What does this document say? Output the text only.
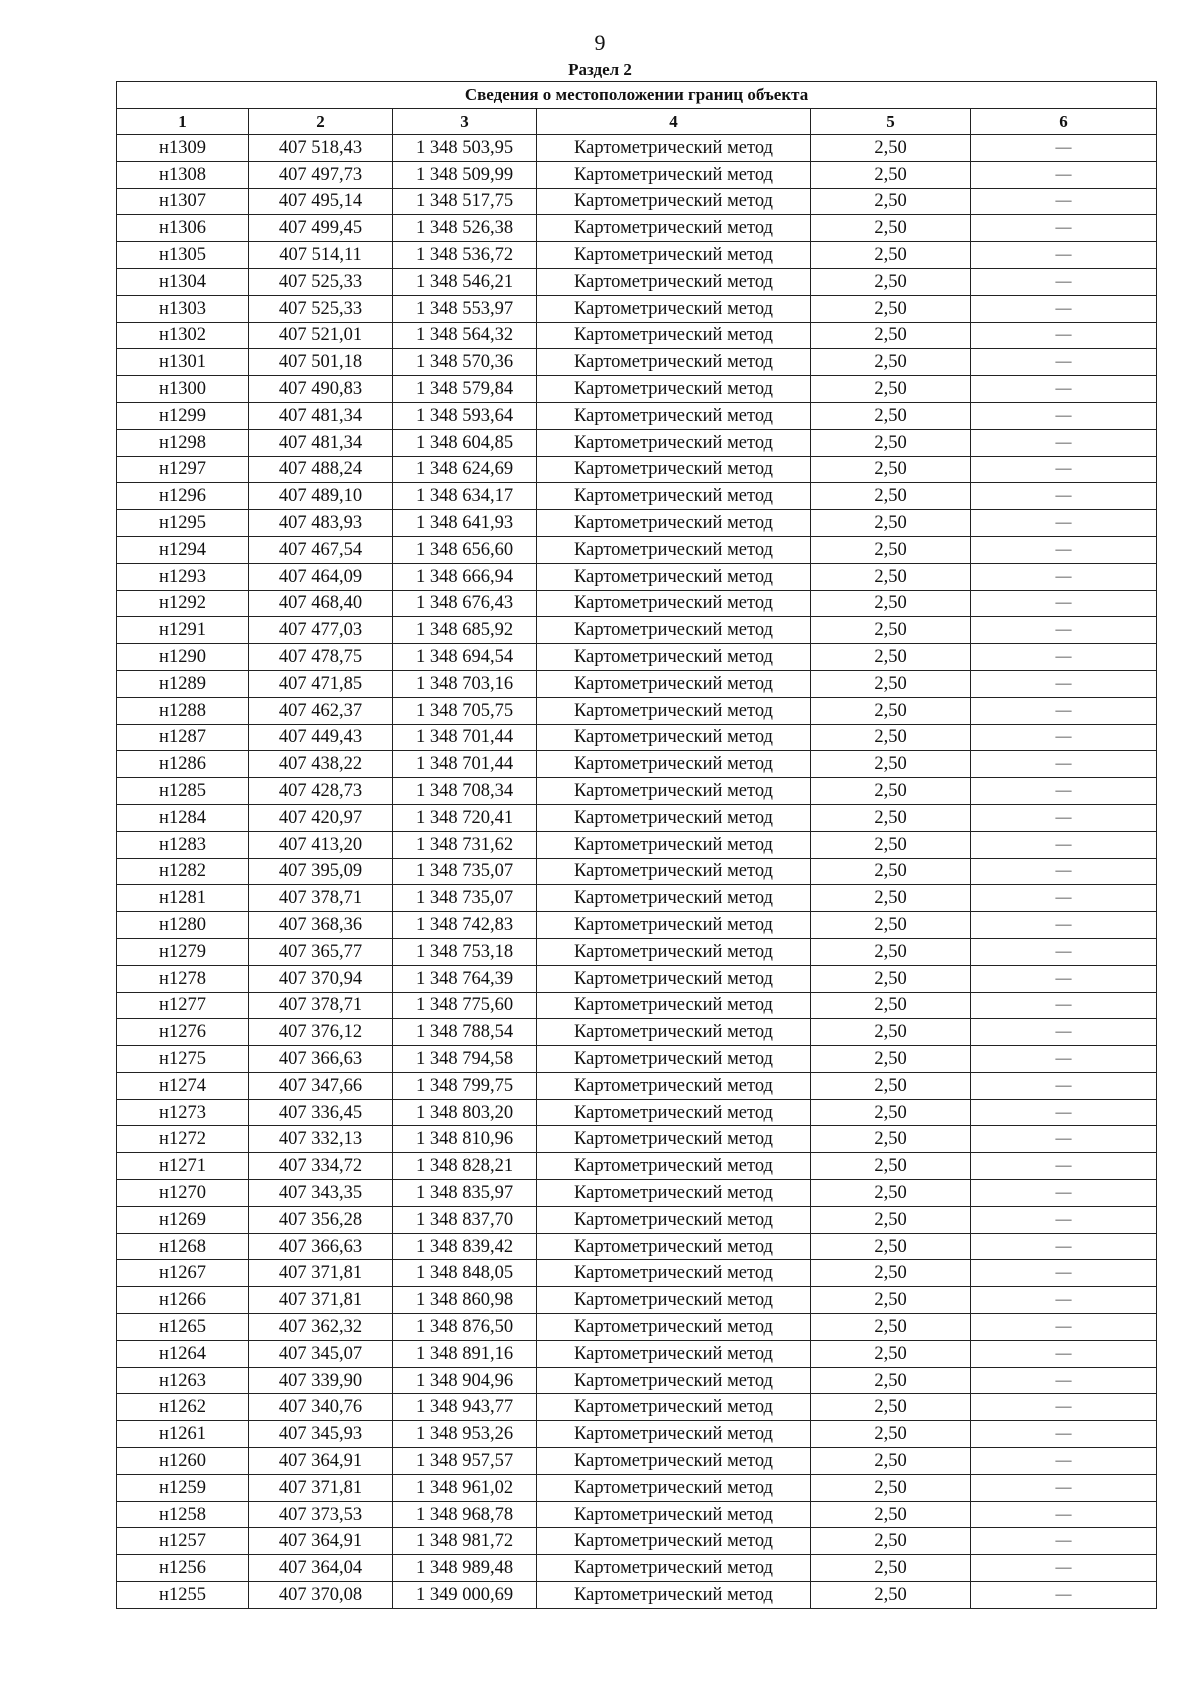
9
Раздел 2
Сведения о местоположении границ объекта					
1	2	3	4	5	6
н1309	407 518,43	1 348 503,95	Картометрический метод	2,50	—
н1308	407 497,73	1 348 509,99	Картометрический метод	2,50	—
н1307	407 495,14	1 348 517,75	Картометрический метод	2,50	—
н1306	407 499,45	1 348 526,38	Картометрический метод	2,50	—
н1305	407 514,11	1 348 536,72	Картометрический метод	2,50	—
н1304	407 525,33	1 348 546,21	Картометрический метод	2,50	—
н1303	407 525,33	1 348 553,97	Картометрический метод	2,50	—
н1302	407 521,01	1 348 564,32	Картометрический метод	2,50	—
н1301	407 501,18	1 348 570,36	Картометрический метод	2,50	—
н1300	407 490,83	1 348 579,84	Картометрический метод	2,50	—
н1299	407 481,34	1 348 593,64	Картометрический метод	2,50	—
н1298	407 481,34	1 348 604,85	Картометрический метод	2,50	—
н1297	407 488,24	1 348 624,69	Картометрический метод	2,50	—
н1296	407 489,10	1 348 634,17	Картометрический метод	2,50	—
н1295	407 483,93	1 348 641,93	Картометрический метод	2,50	—
н1294	407 467,54	1 348 656,60	Картометрический метод	2,50	—
н1293	407 464,09	1 348 666,94	Картометрический метод	2,50	—
н1292	407 468,40	1 348 676,43	Картометрический метод	2,50	—
н1291	407 477,03	1 348 685,92	Картометрический метод	2,50	—
н1290	407 478,75	1 348 694,54	Картометрический метод	2,50	—
н1289	407 471,85	1 348 703,16	Картометрический метод	2,50	—
н1288	407 462,37	1 348 705,75	Картометрический метод	2,50	—
н1287	407 449,43	1 348 701,44	Картометрический метод	2,50	—
н1286	407 438,22	1 348 701,44	Картометрический метод	2,50	—
н1285	407 428,73	1 348 708,34	Картометрический метод	2,50	—
н1284	407 420,97	1 348 720,41	Картометрический метод	2,50	—
н1283	407 413,20	1 348 731,62	Картометрический метод	2,50	—
н1282	407 395,09	1 348 735,07	Картометрический метод	2,50	—
н1281	407 378,71	1 348 735,07	Картометрический метод	2,50	—
н1280	407 368,36	1 348 742,83	Картометрический метод	2,50	—
н1279	407 365,77	1 348 753,18	Картометрический метод	2,50	—
н1278	407 370,94	1 348 764,39	Картометрический метод	2,50	—
н1277	407 378,71	1 348 775,60	Картометрический метод	2,50	—
н1276	407 376,12	1 348 788,54	Картометрический метод	2,50	—
н1275	407 366,63	1 348 794,58	Картометрический метод	2,50	—
н1274	407 347,66	1 348 799,75	Картометрический метод	2,50	—
н1273	407 336,45	1 348 803,20	Картометрический метод	2,50	—
н1272	407 332,13	1 348 810,96	Картометрический метод	2,50	—
н1271	407 334,72	1 348 828,21	Картометрический метод	2,50	—
н1270	407 343,35	1 348 835,97	Картометрический метод	2,50	—
н1269	407 356,28	1 348 837,70	Картометрический метод	2,50	—
н1268	407 366,63	1 348 839,42	Картометрический метод	2,50	—
н1267	407 371,81	1 348 848,05	Картометрический метод	2,50	—
н1266	407 371,81	1 348 860,98	Картометрический метод	2,50	—
н1265	407 362,32	1 348 876,50	Картометрический метод	2,50	—
н1264	407 345,07	1 348 891,16	Картометрический метод	2,50	—
н1263	407 339,90	1 348 904,96	Картометрический метод	2,50	—
н1262	407 340,76	1 348 943,77	Картометрический метод	2,50	—
н1261	407 345,93	1 348 953,26	Картометрический метод	2,50	—
н1260	407 364,91	1 348 957,57	Картометрический метод	2,50	—
н1259	407 371,81	1 348 961,02	Картометрический метод	2,50	—
н1258	407 373,53	1 348 968,78	Картометрический метод	2,50	—
н1257	407 364,91	1 348 981,72	Картометрический метод	2,50	—
н1256	407 364,04	1 348 989,48	Картометрический метод	2,50	—
н1255	407 370,08	1 349 000,69	Картометрический метод	2,50	—
